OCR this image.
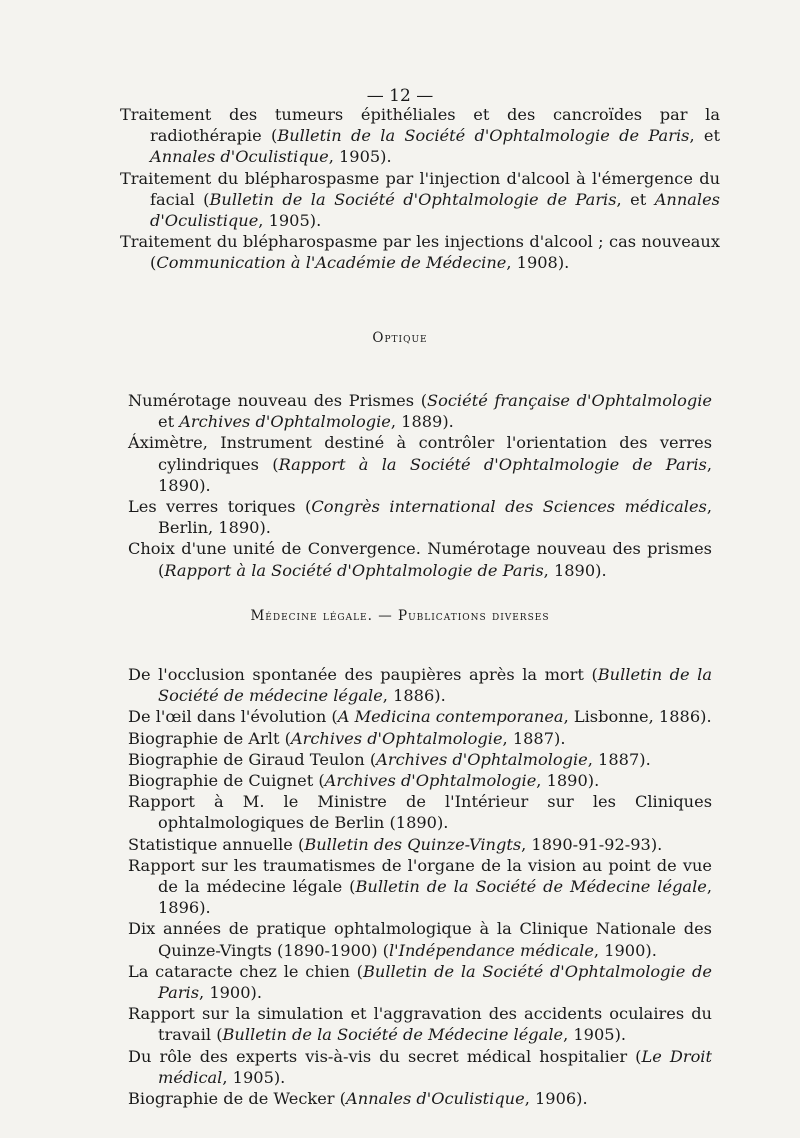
— 12 —

Traitement des tumeurs épithéliales et des cancroïdes par la radiothérapie (Bulletin de la Société d'Ophtalmologie de Paris, et Annales d'Oculistique, 1905).

Traitement du blépharospasme par l'injection d'alcool à l'émergence du facial (Bulletin de la Société d'Ophtalmologie de Paris, et Annales d'Oculistique, 1905).

Traitement du blépharospasme par les injections d'alcool ; cas nouveaux (Communication à l'Académie de Médecine, 1908).

Optique

Numérotage nouveau des Prismes (Société française d'Ophtalmologie et Archives d'Ophtalmologie, 1889).

Áximètre, Instrument destiné à contrôler l'orientation des verres cylindriques (Rapport à la Société d'Ophtalmologie de Paris, 1890).

Les verres toriques (Congrès international des Sciences médicales, Berlin, 1890).

Choix d'une unité de Convergence. Numérotage nouveau des prismes (Rapport à la Société d'Ophtalmologie de Paris, 1890).

Médecine légale. — Publications diverses

De l'occlusion spontanée des paupières après la mort (Bulletin de la Société de médecine légale, 1886).

De l'œil dans l'évolution (A Medicina contemporanea, Lisbonne, 1886).

Biographie de Arlt (Archives d'Ophtalmologie, 1887).

Biographie de Giraud Teulon (Archives d'Ophtalmologie, 1887).

Biographie de Cuignet (Archives d'Ophtalmologie, 1890).

Rapport à M. le Ministre de l'Intérieur sur les Cliniques ophtalmologiques de Berlin (1890).

Statistique annuelle (Bulletin des Quinze-Vingts, 1890-91-92-93).

Rapport sur les traumatismes de l'organe de la vision au point de vue de la médecine légale (Bulletin de la Société de Médecine légale, 1896).

Dix années de pratique ophtalmologique à la Clinique Nationale des Quinze-Vingts (1890-1900) (l'Indépendance médicale, 1900).

La cataracte chez le chien (Bulletin de la Société d'Ophtalmologie de Paris, 1900).

Rapport sur la simulation et l'aggravation des accidents oculaires du travail (Bulletin de la Société de Médecine légale, 1905).

Du rôle des experts vis-à-vis du secret médical hospitalier (Le Droit médical, 1905).

Biographie de de Wecker (Annales d'Oculistique, 1906).
